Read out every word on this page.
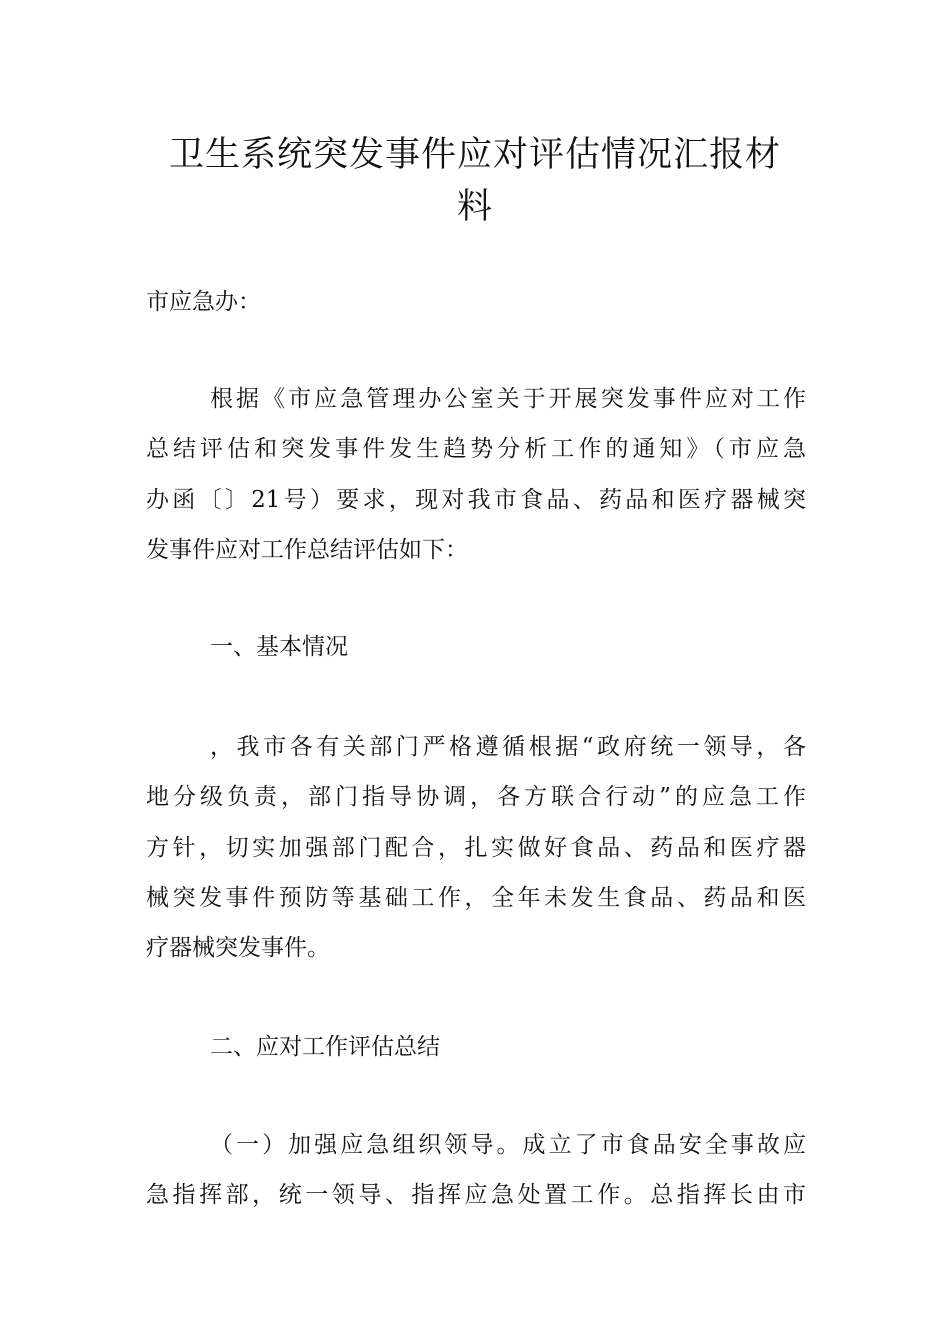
卫生系统突发事件应对评估情况汇报材
料
市应急办：
根据《市应急管理办公室关于开展突发事件应对工作
总结评估和突发事件发生趋势分析工作的通知》（市应急
办函〔〕21号）要求，现对我市食品、药品和医疗器械突
发事件应对工作总结评估如下：
一、基本情况
，我市各有关部门严格遵循根据“政府统一领导，各
地分级负责，部门指导协调，各方联合行动”的应急工作
方针，切实加强部门配合，扎实做好食品、药品和医疗器
械突发事件预防等基础工作，全年未发生食品、药品和医
疗器械突发事件。
二、应对工作评估总结
（一）加强应急组织领导。成立了市食品安全事故应
急指挥部，统一领导、指挥应急处置工作。总指挥长由市
